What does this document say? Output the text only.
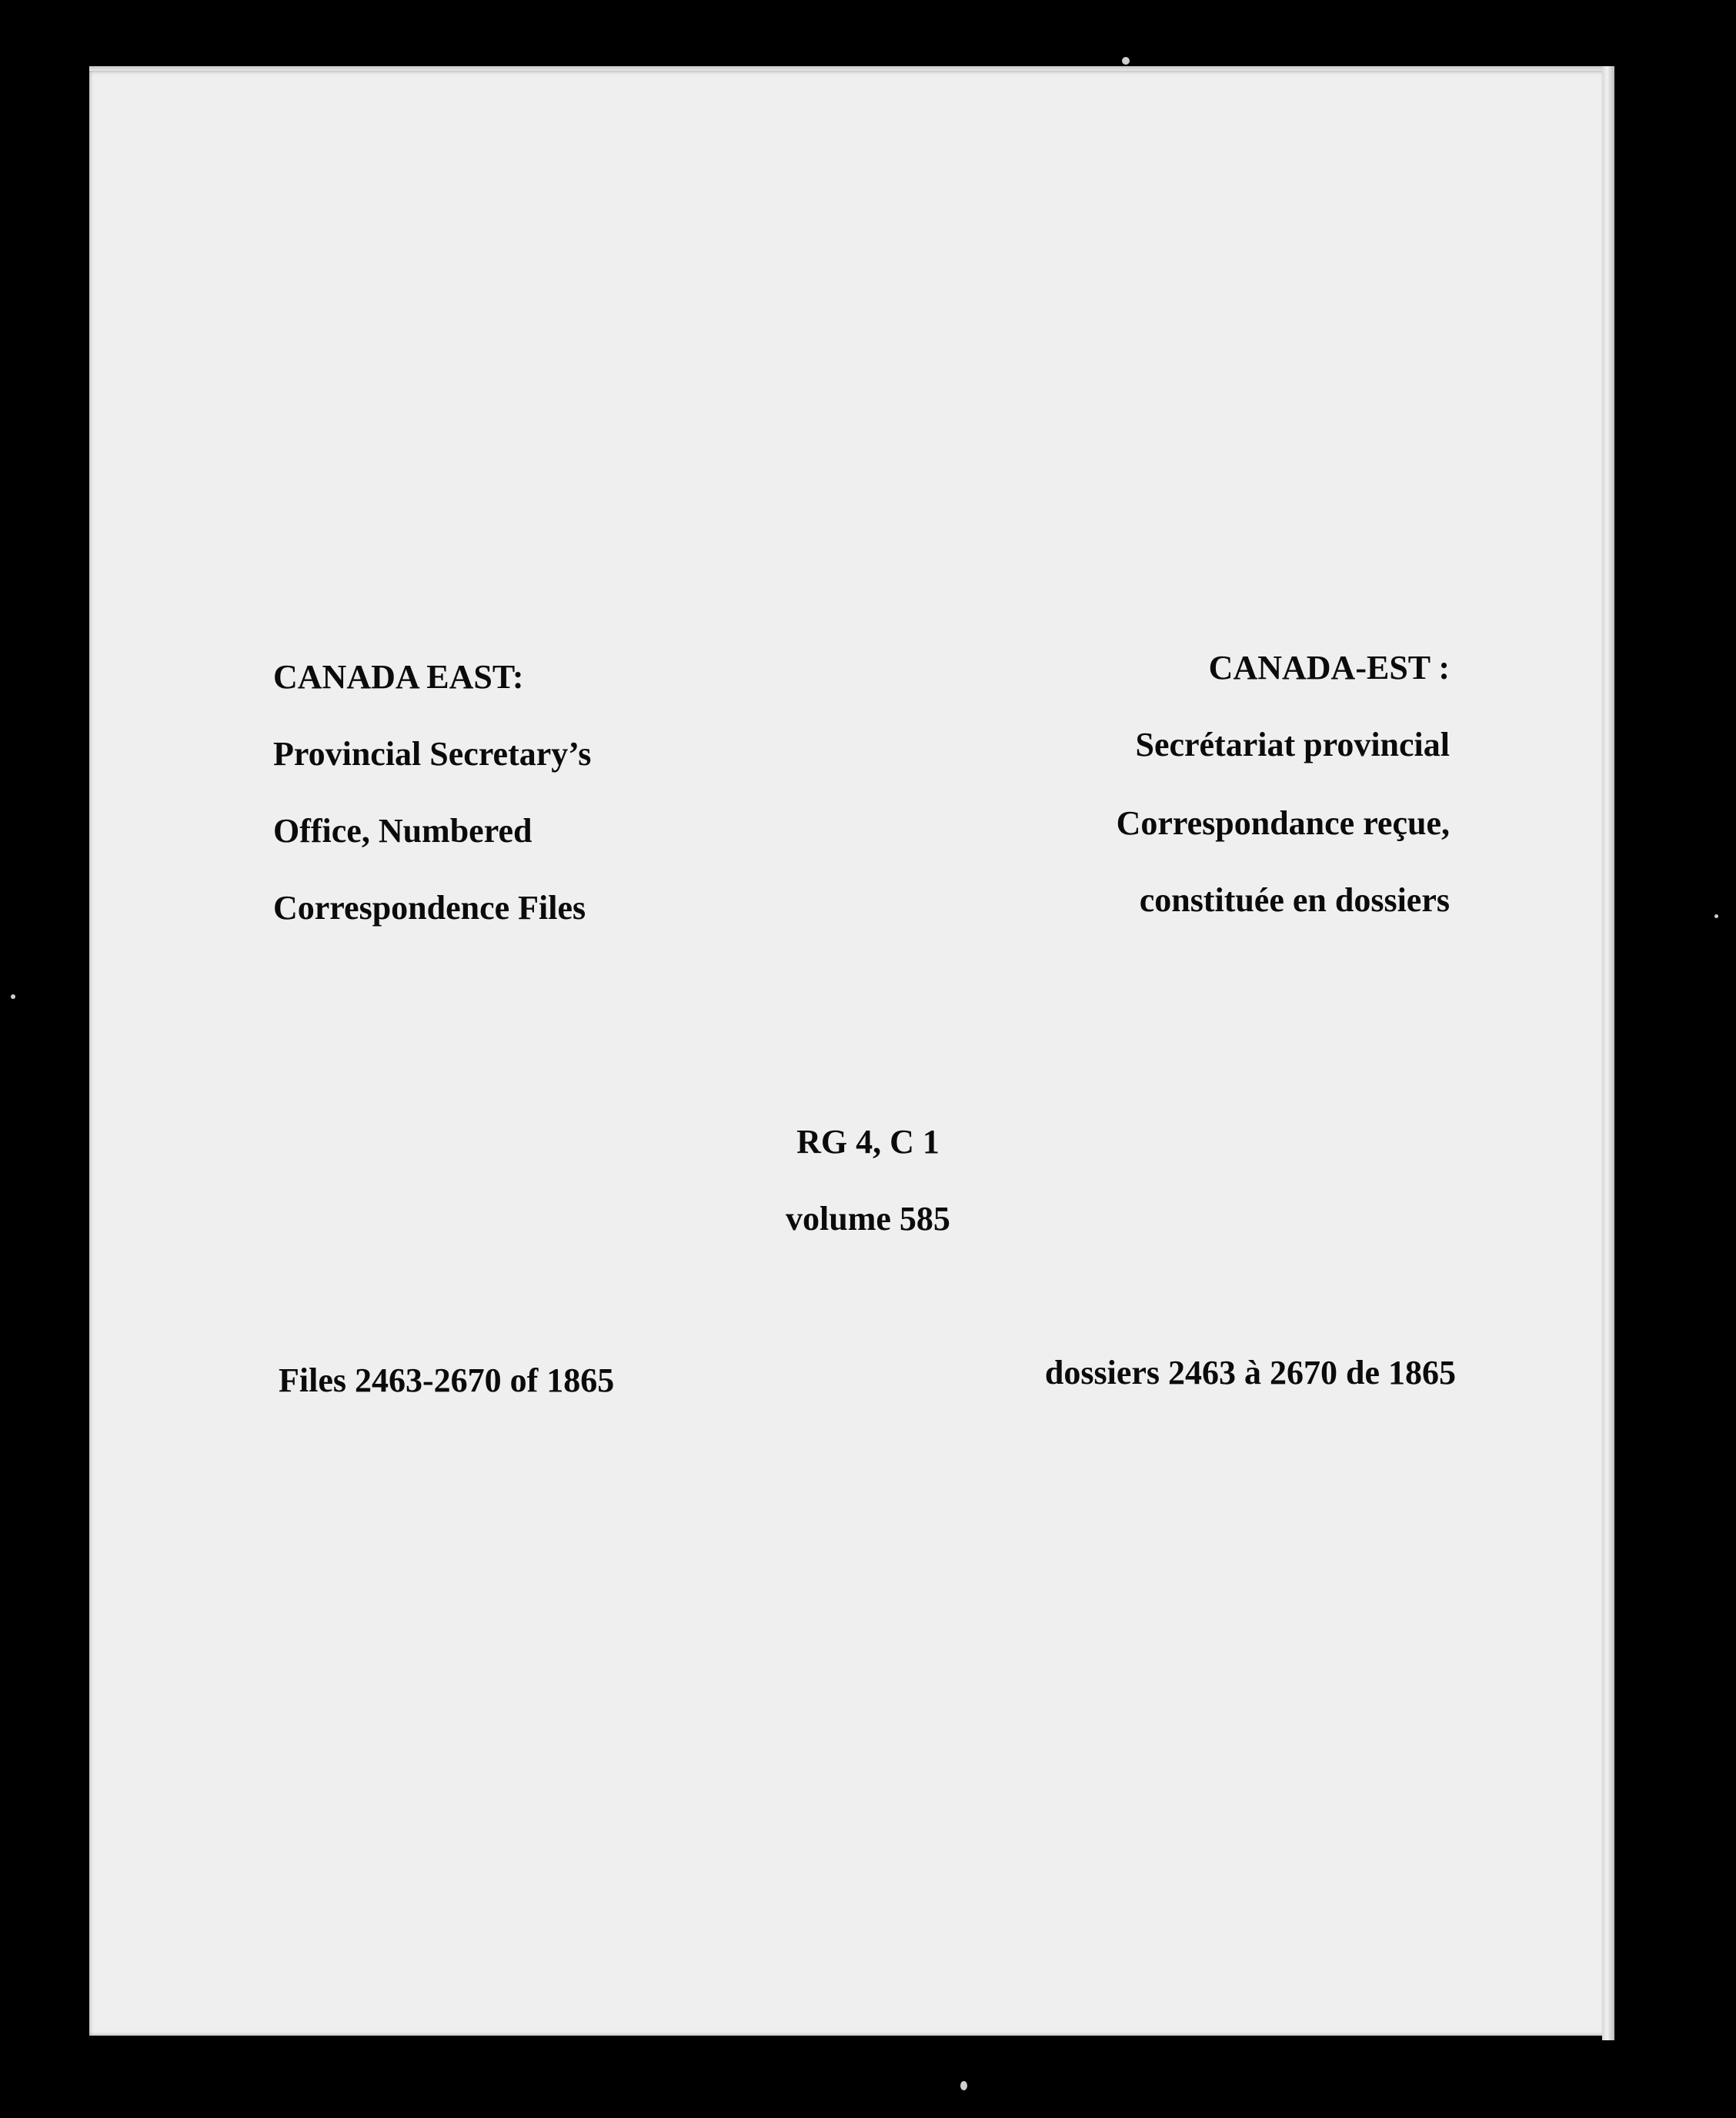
CANADA EAST:

Provincial Secretary’s

Office, Numbered

Correspondence Files

CANADA-EST :

Secrétariat provincial

Correspondance reçue,

constituée en dossiers

RG 4, C 1

volume 585

Files 2463-2670 of 1865	dossiers 2463 à 2670 de 1865
